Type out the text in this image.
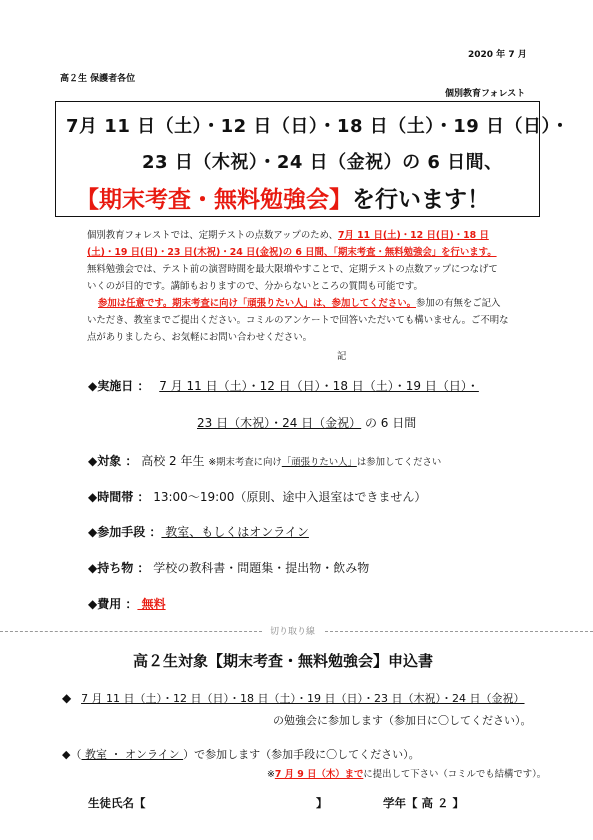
2020 年 7 月
高２生 保護者各位
個別教育フォレスト
7月 11 日（土）・12 日（日）・18 日（土）・19 日（日）・
23 日（木祝）・24 日（金祝）の 6 日間、
【期末考査・無料勉強会】を行います！
個別教育フォレストでは、定期テストの点数アップのため、7月 11 日(土)・12 日(日)・18 日
(土)・19 日(日)・23 日(木祝)・24 日(金祝)の 6 日間、「期末考査・無料勉強会」を行います。
無料勉強会では、テスト前の演習時間を最大限増やすことで、定期テストの点数アップにつなげて
いくのが目的です。講師もおりますので、分からないところの質問も可能です。
参加は任意です。期末考査に向け「頑張りたい人」は、参加してください。参加の有無をご記入
いただき、教室までご提出ください。コミルのアンケートで回答いただいても構いません。ご不明な
点がありましたら、お気軽にお問い合わせください。
記
◆実施日 ： 7 月 11 日（土）・12 日（日）・18 日（土）・19 日（日）・
23 日（木祝）・24 日（金祝） の 6 日間
◆対象 ： 高校 2 年生 ※期末考査に向け「頑張りたい人」は参加してください
◆時間帯 ： 13:00～19:00（原則、途中入退室はできません）
◆参加手段 ： 教室、もしくはオンライン
◆持ち物 ： 学校の教科書・問題集・提出物・飲み物
◆費用 ： 無料
切り取り線
高２生対象【期末考査・無料勉強会】申込書
◆ 7 月 11 日（土）・12 日（日）・18 日（土）・19 日（日）・23 日（木祝）・24 日（金祝）
の勉強会に参加します（参加日に〇してください）。
◆（ 教室 ・ オンライン ）で参加します（参加手段に〇してください）。
※7 月 9 日（木）までに提出して下さい（コミルでも結構です）。
生徒氏名【	】	学年【 高 ２ 】
